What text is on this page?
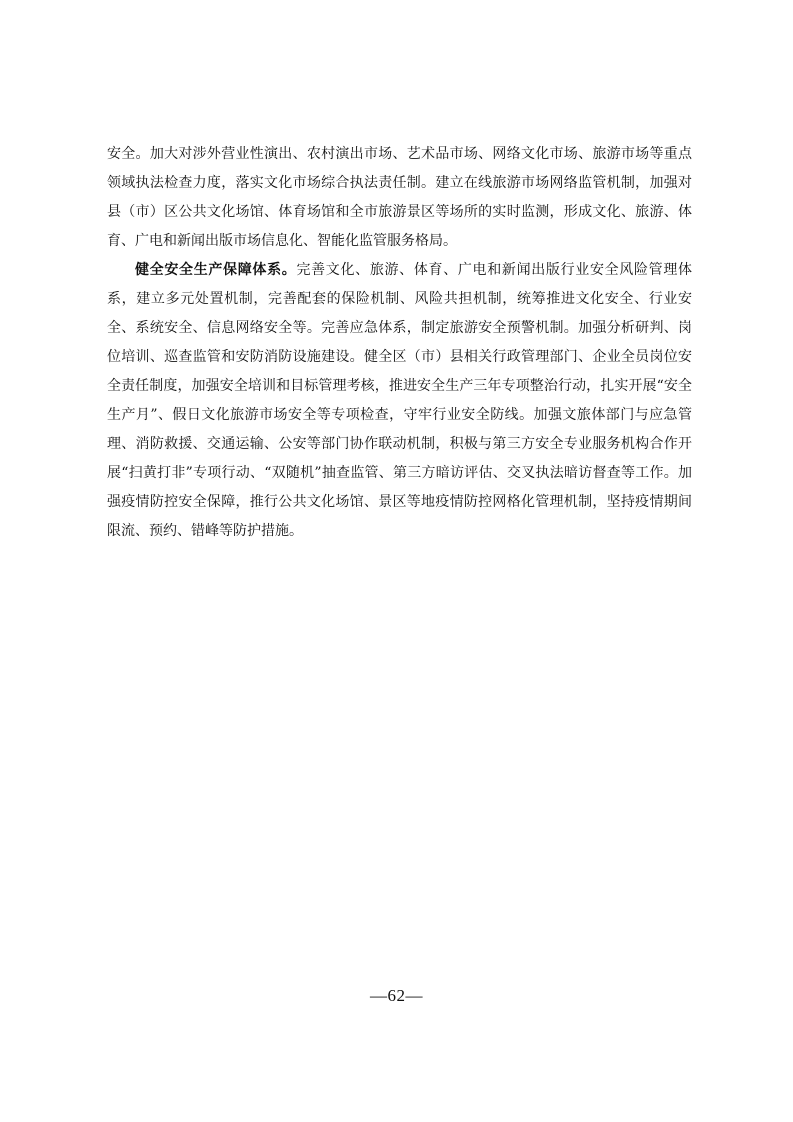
安全。加大对涉外营业性演出、农村演出市场、艺术品市场、网络文化市场、旅游市场等重点领域执法检查力度，落实文化市场综合执法责任制。建立在线旅游市场网络监管机制，加强对县（市）区公共文化场馆、体育场馆和全市旅游景区等场所的实时监测，形成文化、旅游、体育、广电和新闻出版市场信息化、智能化监管服务格局。

健全安全生产保障体系。完善文化、旅游、体育、广电和新闻出版行业安全风险管理体系，建立多元处置机制，完善配套的保险机制、风险共担机制，统筹推进文化安全、行业安全、系统安全、信息网络安全等。完善应急体系，制定旅游安全预警机制。加强分析研判、岗位培训、巡查监管和安防消防设施建设。健全区（市）县相关行政管理部门、企业全员岗位安全责任制度，加强安全培训和目标管理考核，推进安全生产三年专项整治行动，扎实开展“安全生产月”、假日文化旅游市场安全等专项检查，守牢行业安全防线。加强文旅体部门与应急管理、消防救援、交通运输、公安等部门协作联动机制，积极与第三方安全专业服务机构合作开展“扫黄打非”专项行动、“双随机”抽查监管、第三方暗访评估、交叉执法暗访督查等工作。加强疫情防控安全保障，推行公共文化场馆、景区等地疫情防控网格化管理机制，坚持疫情期间限流、预约、错峰等防护措施。

—62—
